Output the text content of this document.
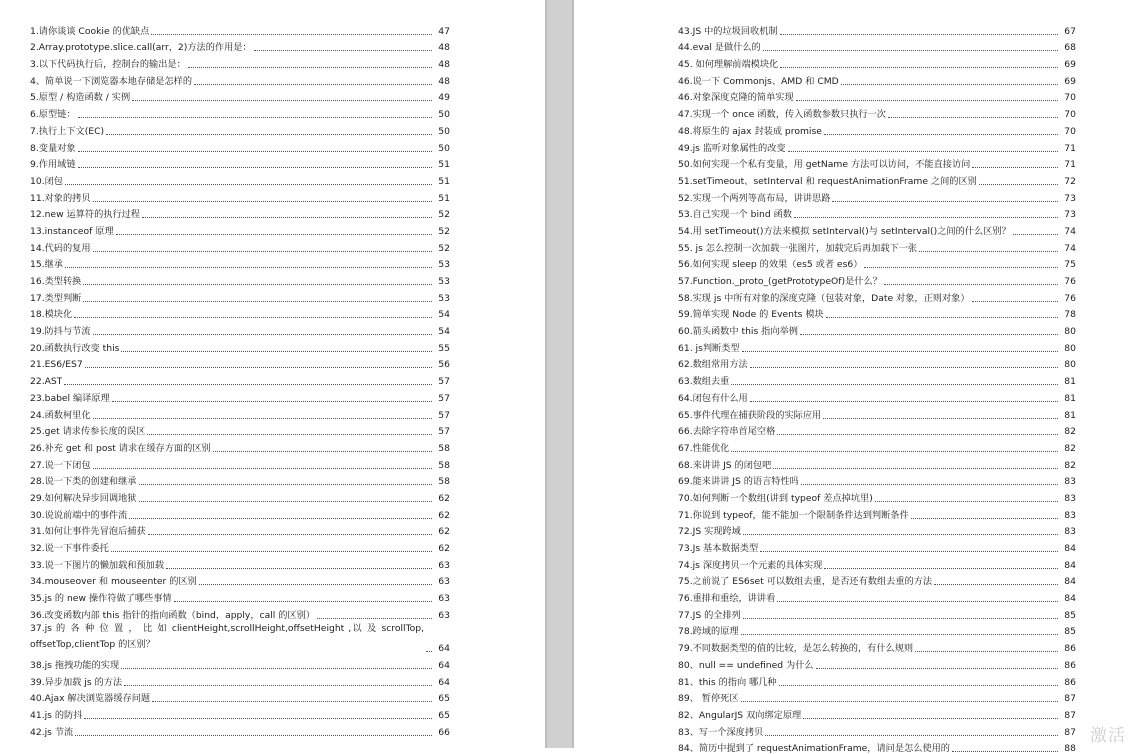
1.请你谈谈 Cookie 的优缺点	47
2.Array.prototype.slice.call(arr，2)方法的作用是：	48
3.以下代码执行后，控制台的输出是：	48
4、简单说一下浏览器本地存储是怎样的	48
5.原型 / 构造函数 / 实例	49
6.原型链：	50
7.执行上下文(EC)	50
8.变量对象	50
9.作用域链	51
10.闭包	51
11.对象的拷贝	51
12.new 运算符的执行过程	52
13.instanceof 原理	52
14.代码的复用	52
15.继承	53
16.类型转换	53
17.类型判断	53
18.模块化	54
19.防抖与节流	54
20.函数执行改变 this	55
21.ES6/ES7	56
22.AST	57
23.babel 编译原理	57
24.函数柯里化	57
25.get 请求传参长度的误区	57
26.补充 get 和 post 请求在缓存方面的区别	58
27.说一下闭包	58
28.说一下类的创建和继承	58
29.如何解决异步回调地狱	62
30.说说前端中的事件流	62
31.如何让事件先冒泡后捕获	62
32.说一下事件委托	62
33.说一下图片的懒加载和预加载	63
34.mouseover 和 mouseenter 的区别	63
35.js 的 new 操作符做了哪些事情	63
36.改变函数内部 this 指针的指向函数（bind，apply，call 的区别）	63
37.js 的 各 种 位 置 ， 比 如 clientHeight,scrollHeight,offsetHeight ,以 及 scrollTop, offsetTop,clientTop 的区别？	64
38.js 拖拽功能的实现	64
39.异步加载 js 的方法	64
40.Ajax 解决浏览器缓存问题	65
41.js 的防抖	65
42.js 节流	66
43.JS 中的垃圾回收机制	67
44.eval 是做什么的	68
45. 如何理解前端模块化	69
46.说一下 Commonjs、AMD 和 CMD	69
46.对象深度克隆的简单实现	70
47.实现一个 once 函数，传入函数参数只执行一次	70
48.将原生的 ajax 封装成 promise	70
49.js 监听对象属性的改变	71
50.如何实现一个私有变量，用 getName 方法可以访问，不能直接访问	71
51.setTimeout、setInterval 和 requestAnimationFrame 之间的区别	72
52.实现一个两列等高布局，讲讲思路	73
53.自己实现一个 bind 函数	73
54.用 setTimeout()方法来模拟 setInterval()与 setInterval()之间的什么区别？	74
55. js 怎么控制一次加载一张图片，加载完后再加载下一张	74
56.如何实现 sleep 的效果（es5 或者 es6）	75
57.Function._proto_(getPrototypeOf)是什么？	76
58.实现 js 中所有对象的深度克隆（包装对象，Date 对象，正则对象）	76
59.简单实现 Node 的 Events 模块	78
60.箭头函数中 this 指向举例	80
61. js判断类型	80
62.数组常用方法	80
63.数组去重	81
64.闭包有什么用	81
65.事件代理在捕获阶段的实际应用	81
66.去除字符串首尾空格	82
67.性能优化	82
68.来讲讲 JS 的闭包吧	82
69.能来讲讲 JS 的语言特性吗	83
70.如何判断一个数组(讲到 typeof 差点掉坑里)	83
71.你说到 typeof，能不能加一个限制条件达到判断条件	83
72.JS 实现跨域	83
73.Js 基本数据类型	84
74.js 深度拷贝一个元素的具体实现	84
75.之前说了 ES6set 可以数组去重，是否还有数组去重的方法	84
76.重排和重绘，讲讲看	84
77.JS 的全排列	85
78.跨域的原理	85
79.不同数据类型的值的比较，是怎么转换的，有什么规则	86
80、null == undefined 为什么	86
81、this 的指向 哪几种	86
89、 暂停死区	87
82、AngularJS 双向绑定原理	87
83、写一个深度拷贝	87
84、简历中提到了 requestAnimationFrame，请问是怎么使用的	88
激活
